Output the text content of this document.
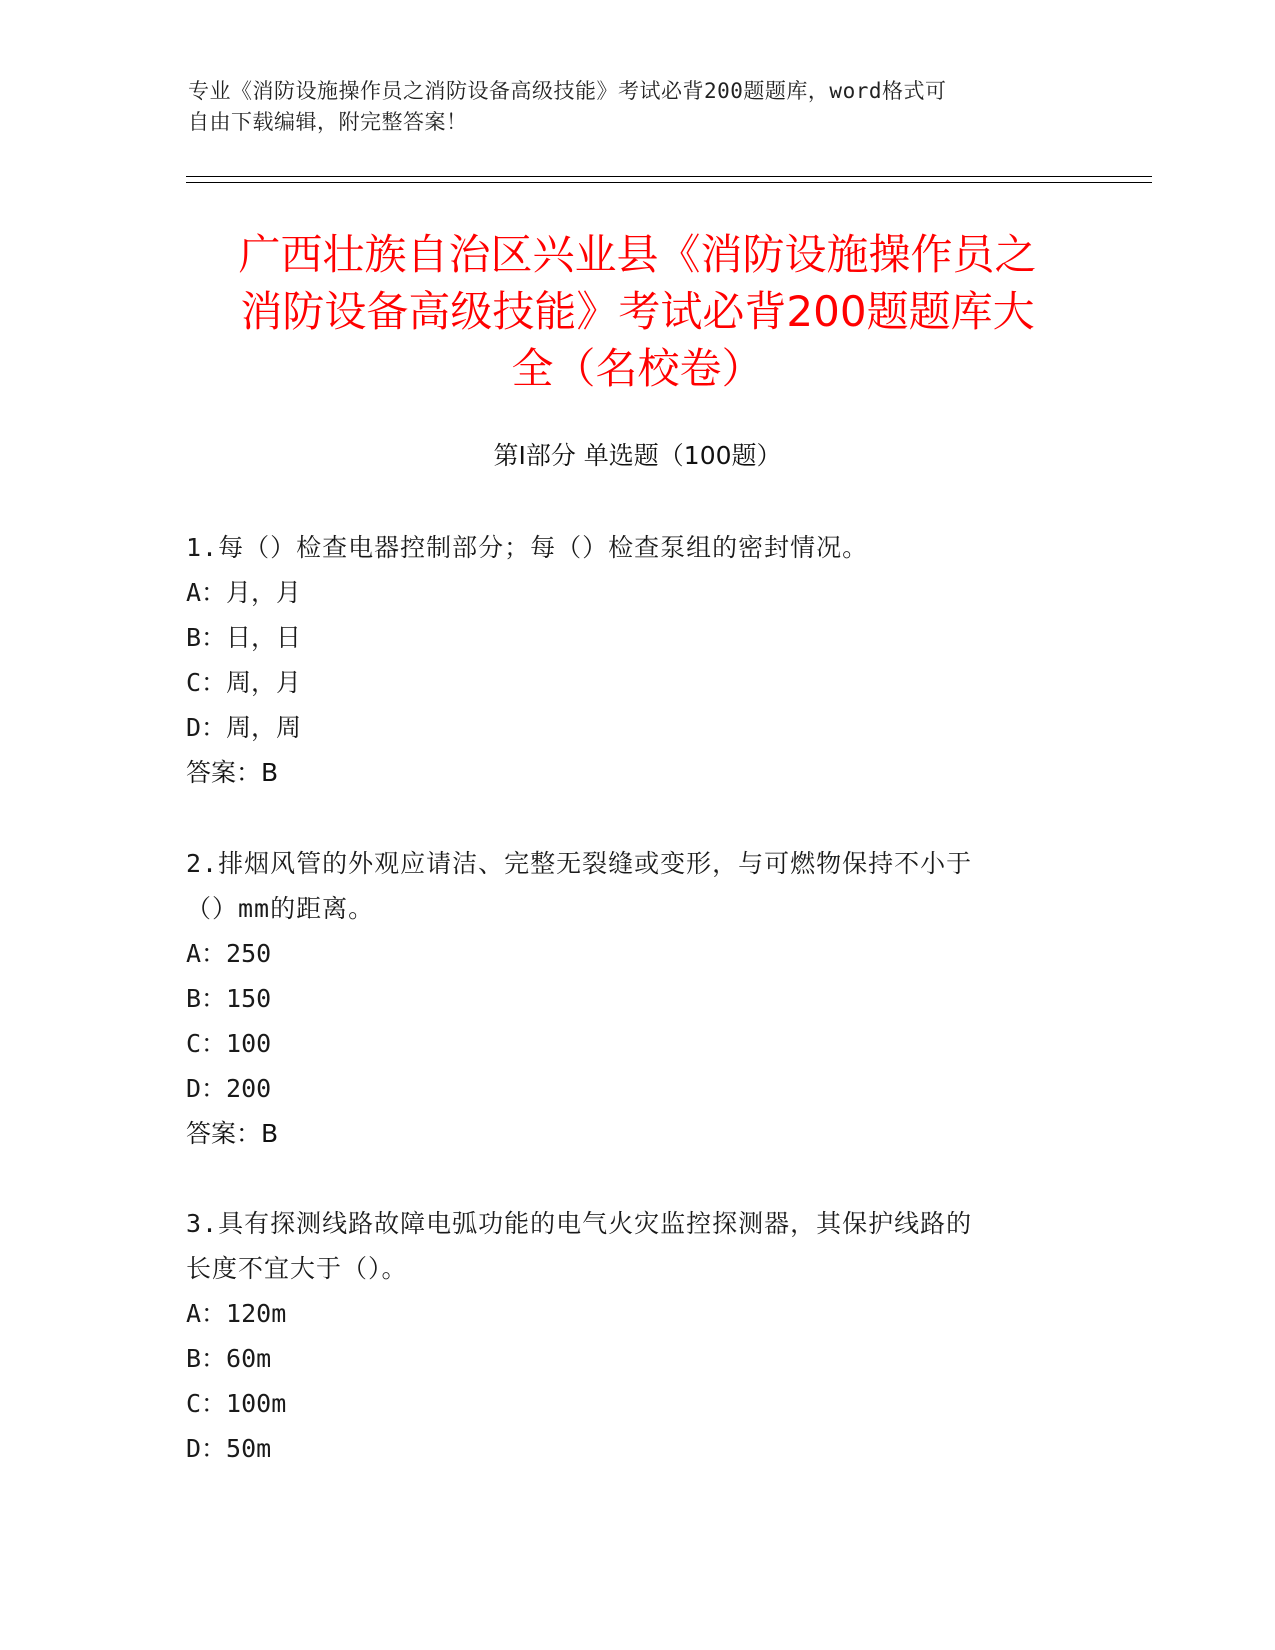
专业《消防设施操作员之消防设备高级技能》考试必背200题题库，word格式可
自由下载编辑，附完整答案！
广西壮族自治区兴业县《消防设施操作员之
消防设备高级技能》考试必背200题题库大
全（名校卷）
第Ⅰ部分 单选题（100题）
1.每（）检查电器控制部分；每（）检查泵组的密封情况。
A：月，月
B：日，日
C：周，月
D：周，周
答案：B
2.排烟风管的外观应请洁、完整无裂缝或变形，与可燃物保持不小于
（）mm的距离。
A：250
B：150
C：100
D：200
答案：B
3.具有探测线路故障电弧功能的电气火灾监控探测器，其保护线路的
长度不宜大于（）。
A：120m
B：60m
C：100m
D：50m
